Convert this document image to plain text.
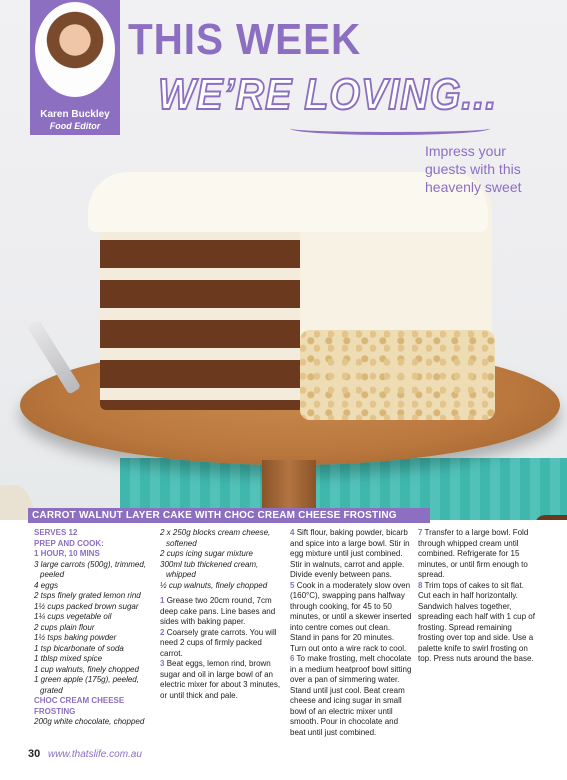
Karen Buckley
Food Editor
THIS WEEK
WE’RE LOVING...
Impress your guests with this heavenly sweet
CARROT WALNUT LAYER CAKE WITH CHOC CREAM CHEESE FROSTING

SERVES 12

PREP AND COOK:

1 HOUR, 10 MINS

3 large carrots (500g), trimmed, peeled

4 eggs

2 tsps finely grated lemon rind

1½ cups packed brown sugar

1¼ cups vegetable oil

2 cups plain flour

1½ tsps baking powder

1 tsp bicarbonate of soda

1 tblsp mixed spice

1 cup walnuts, finely chopped

1 green apple (175g), peeled, grated

CHOC CREAM CHEESE FROSTING

200g white chocolate, chopped

2 x 250g blocks cream cheese, softened

2 cups icing sugar mixture

300ml tub thickened cream, whipped

½ cup walnuts, finely chopped

1 Grease two 20cm round, 7cm deep cake pans. Line bases and sides with baking paper.

2 Coarsely grate carrots. You will need 2 cups of firmly packed carrot.

3 Beat eggs, lemon rind, brown sugar and oil in large bowl of an electric mixer for about 3 minutes, or until thick and pale.

4 Sift flour, baking powder, bicarb and spice into a large bowl. Stir in egg mixture until just combined. Stir in walnuts, carrot and apple. Divide evenly between pans.

5 Cook in a moderately slow oven (160°C), swapping pans halfway through cooking, for 45 to 50 minutes, or until a skewer inserted into centre comes out clean. Stand in pans for 20 minutes. Turn out onto a wire rack to cool.

6 To make frosting, melt chocolate in a medium heatproof bowl sitting over a pan of simmering water. Stand until just cool. Beat cream cheese and icing sugar in small bowl of an electric mixer until smooth. Pour in chocolate and beat until just combined.

7 Transfer to a large bowl. Fold through whipped cream until combined. Refrigerate for 15 minutes, or until firm enough to spread.

8 Trim tops of cakes to sit flat. Cut each in half horizontally. Sandwich halves together, spreading each half with 1 cup of frosting. Spread remaining frosting over top and side. Use a palette knife to swirl frosting on top. Press nuts around the base.

30 www.thatslife.com.au
